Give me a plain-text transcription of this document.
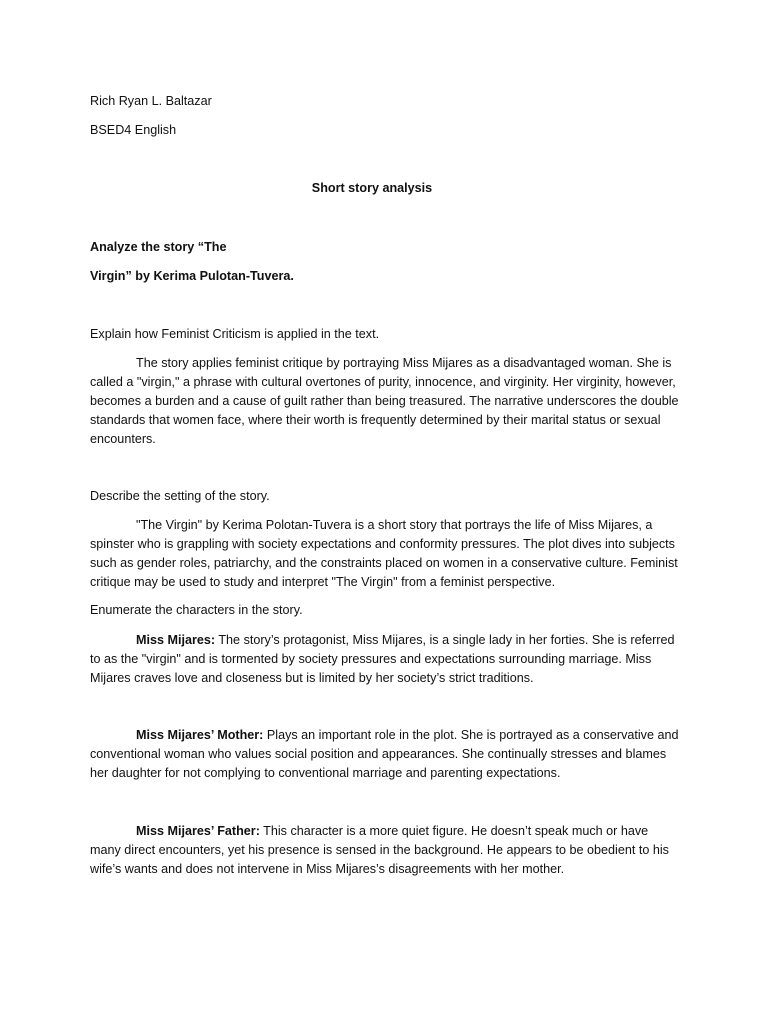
Rich Ryan L. Baltazar

BSED4 English

Short story analysis

Analyze the story “The

Virgin” by Kerima Pulotan-Tuvera.

Explain how Feminist Criticism is applied in the text.

The story applies feminist critique by portraying Miss Mijares as a disadvantaged woman. She is called a "virgin," a phrase with cultural overtones of purity, innocence, and virginity. Her virginity, however, becomes a burden and a cause of guilt rather than being treasured. The narrative underscores the double standards that women face, where their worth is frequently determined by their marital status or sexual encounters.

Describe the setting of the story.

"The Virgin" by Kerima Polotan-Tuvera is a short story that portrays the life of Miss Mijares, a spinster who is grappling with society expectations and conformity pressures. The plot dives into subjects such as gender roles, patriarchy, and the constraints placed on women in a conservative culture. Feminist critique may be used to study and interpret "The Virgin" from a feminist perspective.

Enumerate the characters in the story.

Miss Mijares: The story’s protagonist, Miss Mijares, is a single lady in her forties. She is referred to as the "virgin" and is tormented by society pressures and expectations surrounding marriage. Miss Mijares craves love and closeness but is limited by her society’s strict traditions.

Miss Mijares’ Mother: Plays an important role in the plot. She is portrayed as a conservative and conventional woman who values social position and appearances. She continually stresses and blames her daughter for not complying to conventional marriage and parenting expectations.

Miss Mijares’ Father: This character is a more quiet figure. He doesn’t speak much or have many direct encounters, yet his presence is sensed in the background. He appears to be obedient to his wife’s wants and does not intervene in Miss Mijares’s disagreements with her mother.
